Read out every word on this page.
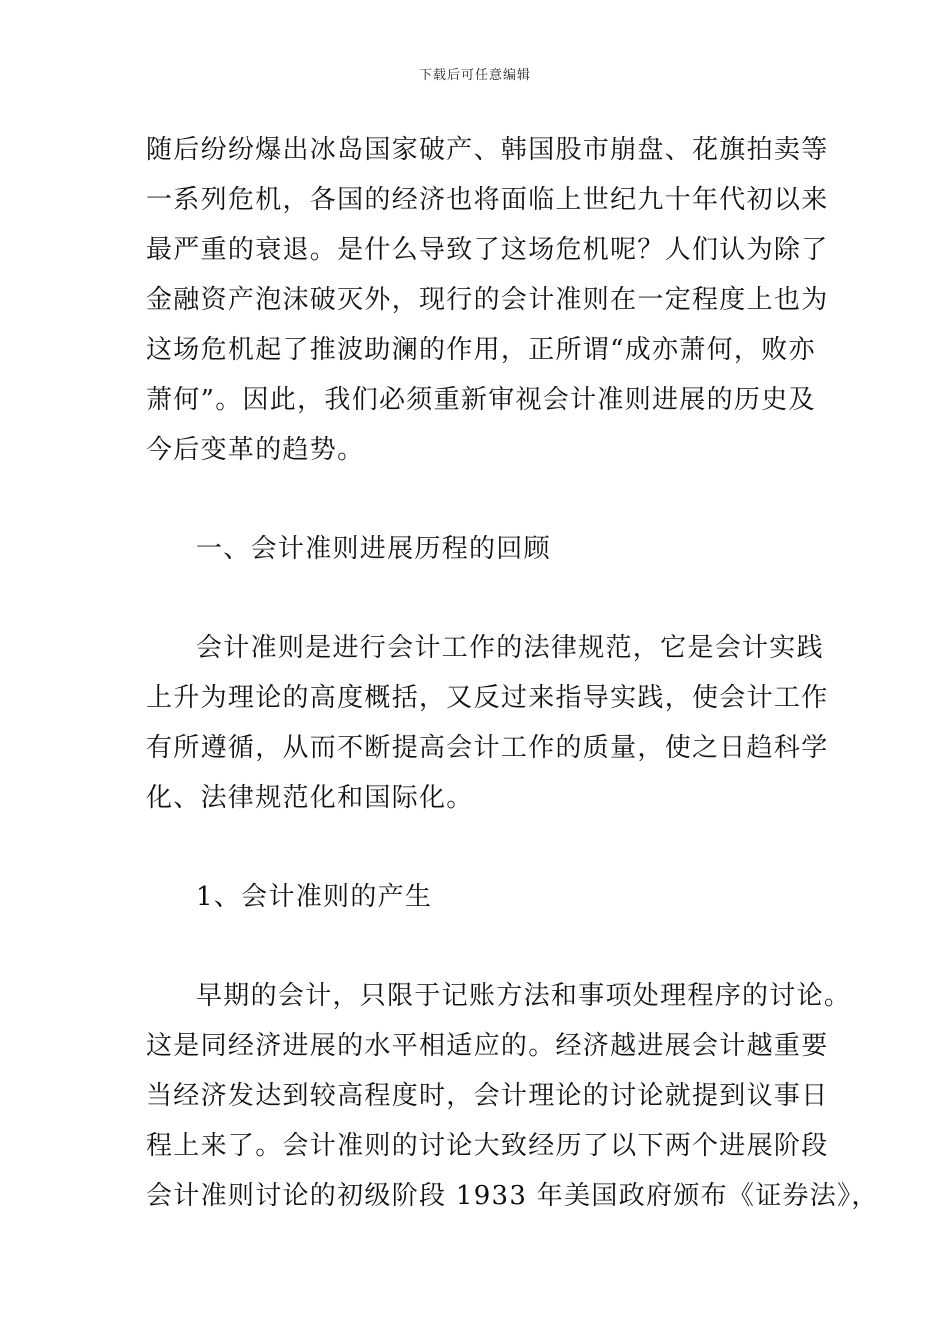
下载后可任意编辑
随后纷纷爆出冰岛国家破产、韩国股市崩盘、花旗拍卖等
一系列危机，各国的经济也将面临上世纪九十年代初以来
最严重的衰退。是什么导致了这场危机呢？人们认为除了
金融资产泡沫破灭外，现行的会计准则在一定程度上也为
这场危机起了推波助澜的作用，正所谓“成亦萧何，败亦
萧何”。因此，我们必须重新审视会计准则进展的历史及
今后变革的趋势。
一、会计准则进展历程的回顾
会计准则是进行会计工作的法律规范，它是会计实践
上升为理论的高度概括，又反过来指导实践，使会计工作
有所遵循，从而不断提高会计工作的质量，使之日趋科学
化、法律规范化和国际化。
1、会计准则的产生
早期的会计，只限于记账方法和事项处理程序的讨论。
这是同经济进展的水平相适应的。经济越进展会计越重要
当经济发达到较高程度时，会计理论的讨论就提到议事日
程上来了。会计准则的讨论大致经历了以下两个进展阶段
会计准则讨论的初级阶段 1933 年美国政府颁布《证券法》，
